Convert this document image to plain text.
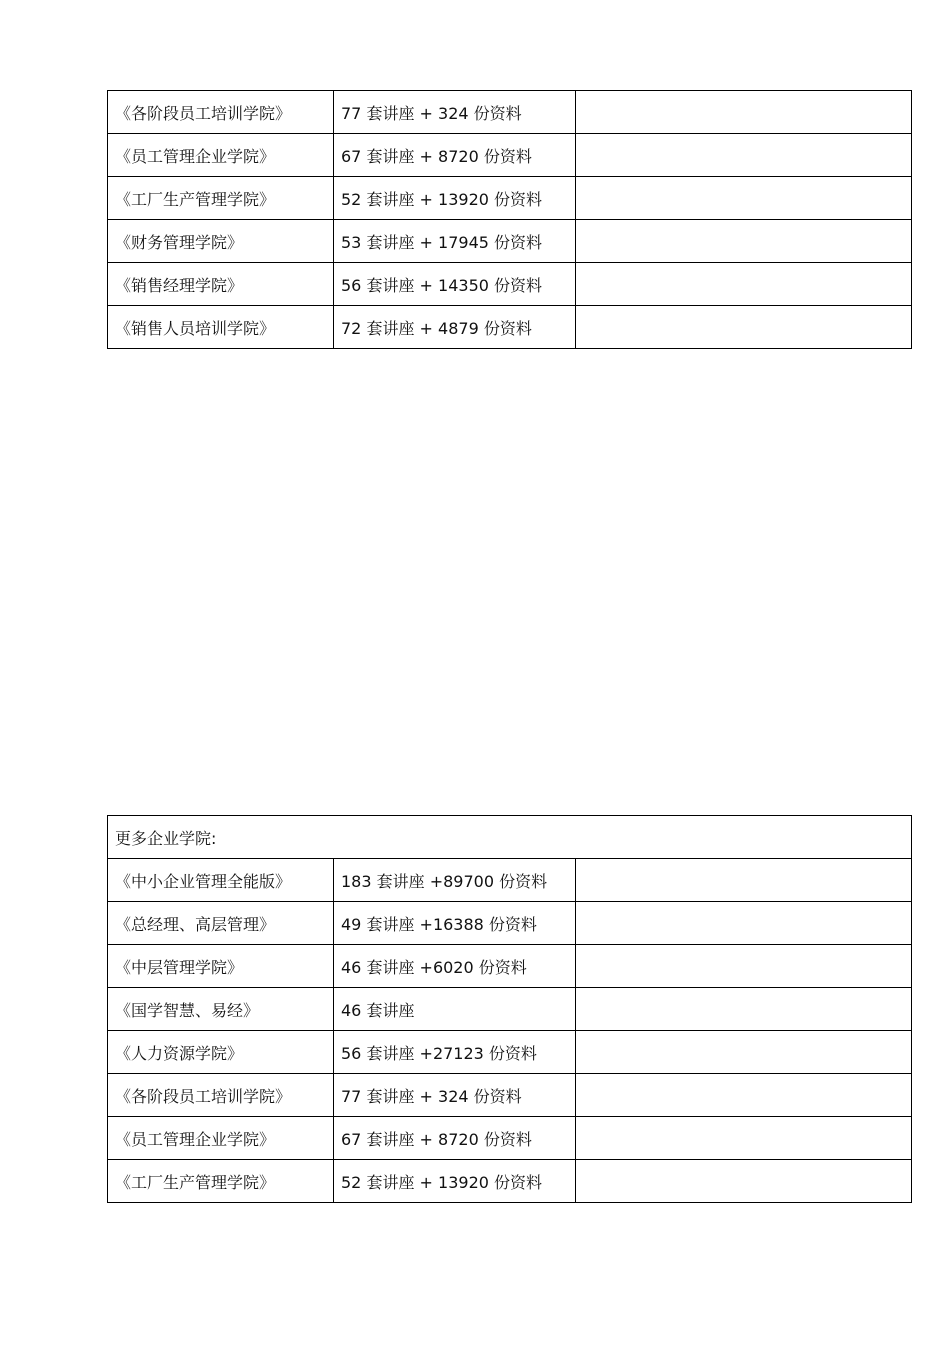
《各阶段员工培训学院》	77 套讲座 + 324 份资料	
《员工管理企业学院》	67 套讲座 + 8720 份资料	
《工厂生产管理学院》	52 套讲座 + 13920 份资料	
《财务管理学院》	53 套讲座 + 17945 份资料	
《销售经理学院》	56 套讲座 + 14350 份资料	
《销售人员培训学院》	72 套讲座 + 4879 份资料	
更多企业学院:		
《中小企业管理全能版》	183 套讲座 +89700 份资料	
《总经理、高层管理》	49 套讲座 +16388 份资料	
《中层管理学院》	46 套讲座 +6020 份资料	
《国学智慧、易经》	46 套讲座	
《人力资源学院》	56 套讲座 +27123 份资料	
《各阶段员工培训学院》	77 套讲座 + 324 份资料	
《员工管理企业学院》	67 套讲座 + 8720 份资料	
《工厂生产管理学院》	52 套讲座 + 13920 份资料	
